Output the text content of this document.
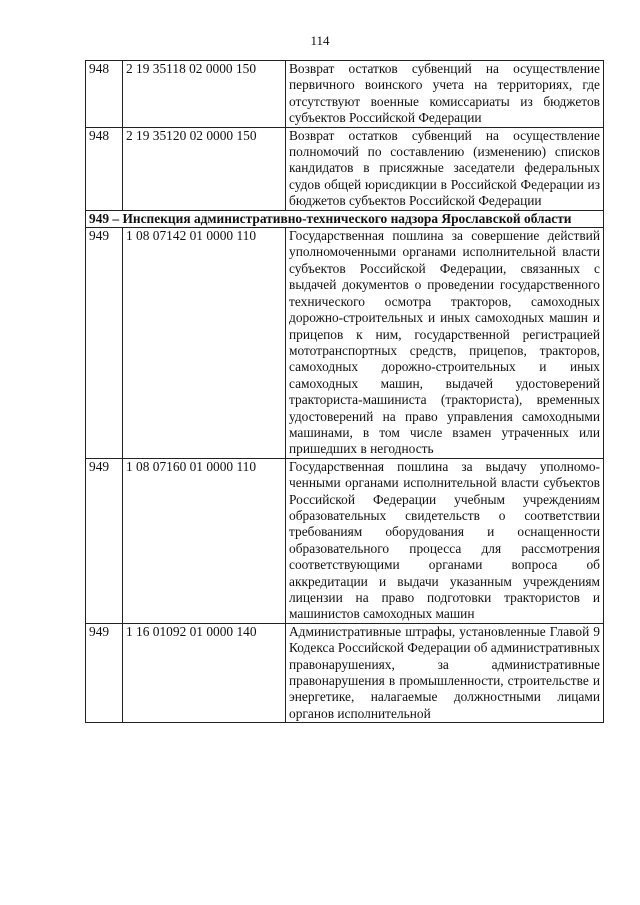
114
948	2 19 35118 02 0000 150	Возврат остатков субвенций на осуществление первичного воинского учета на территориях, где отсутствуют военные комиссариаты из бюджетов субъектов Российской Федерации
948	2 19 35120 02 0000 150	Возврат остатков субвенций на осуществление полномочий по составлению (изменению) списков кандидатов в присяжные заседатели федеральных судов общей юрисдикции в Российской Федерации из бюджетов субъектов Российской Федерации
949 – Инспекция административно-технического надзора Ярославской области		
949	1 08 07142 01 0000 110	Государственная пошлина за совершение действий уполномоченными органами исполнительной власти субъектов Российской Федерации, связанных с выдачей документов о проведении государственного технического осмотра тракторов, самоходных дорожно-строительных и иных самоходных машин и прицепов к ним, государственной регистрацией мототранспортных средств, прицепов, тракторов, самоходных дорожно-строительных и иных самоходных машин, выдачей удостоверений тракториста-машиниста (тракториста), временных удостоверений на право управления самоходными машинами, в том числе взамен утраченных или пришедших в негодность
949	1 08 07160 01 0000 110	Государственная пошлина за выдачу уполномоченными органами исполнительной власти субъектов Российской Федерации учебным учреждениям образовательных свидетельств о соответствии требованиям оборудования и оснащенности образовательного процесса для рассмотрения соответствующими органами вопроса об аккредитации и выдачи указанным учреждениям лицензии на право подготовки трактористов и машинистов самоходных машин
949	1 16 01092 01 0000 140	Административные штрафы, установленные Главой 9 Кодекса Российской Федерации об административных правонарушениях, за административные правонарушения в промышленности, строительстве и энергетике, налагаемые должностными лицами органов исполнительной
